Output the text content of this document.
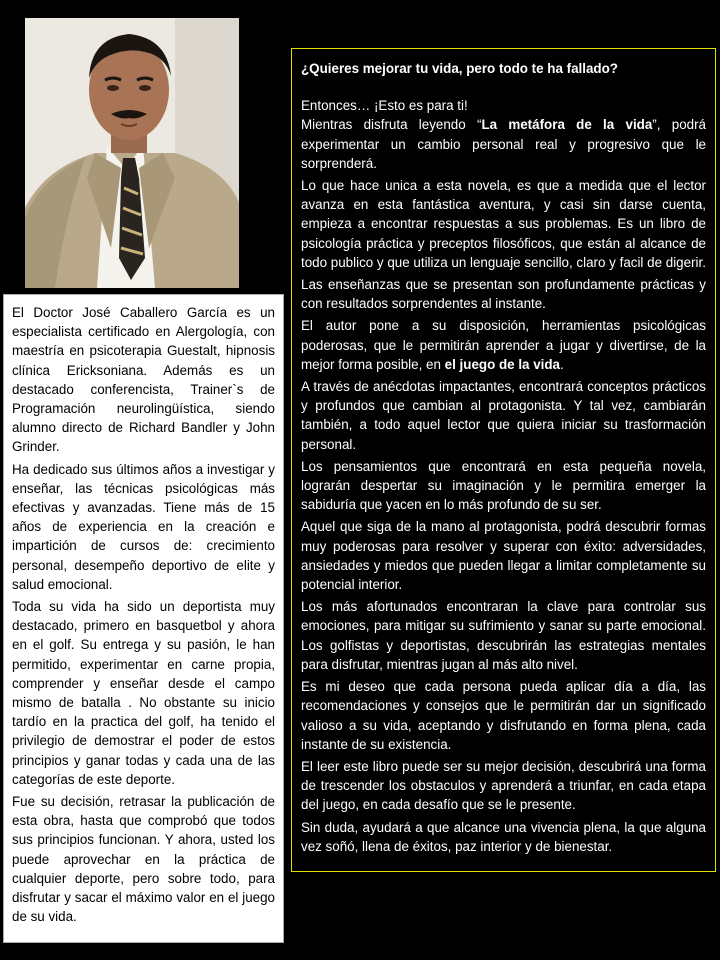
El Doctor José Caballero García es un especialista certificado en Alergología, con maestría en psicoterapia Guestalt, hipnosis clínica Ericksoniana. Además es un destacado conferencista, Trainer`s de Programación neurolingüística, siendo alumno directo de Richard Bandler y John Grinder.

Ha dedicado sus últimos años a investigar y enseñar, las técnicas psicológicas más efectivas y avanzadas. Tiene más de 15 años de experiencia en la creación e impartición de cursos de: crecimiento personal, desempeño deportivo de elite y salud emocional.

Toda su vida ha sido un deportista muy destacado, primero en basquetbol y ahora en el golf. Su entrega y su pasión, le han permitido, experimentar en carne propia, comprender y enseñar desde el campo mismo de batalla . No obstante su inicio tardío en la practica del golf, ha tenido el privilegio de demostrar el poder de estos principios y ganar todas y cada una de las categorías de este deporte.

Fue su decisión, retrasar la publicación de esta obra, hasta que comprobó que todos sus principios funcionan. Y ahora, usted los puede aprovechar en la práctica de cualquier deporte, pero sobre todo, para disfrutar y sacar el máximo valor en el juego de su vida.

¿Quieres mejorar tu vida, pero todo te ha fallado?

Entonces… ¡Esto es para ti!

Mientras disfruta leyendo “La metáfora de la vida”, podrá experimentar un cambio personal real y progresivo que le sorprenderá.

Lo que hace unica a esta novela, es que a medida que el lector avanza en esta fantástica aventura, y casi sin darse cuenta, empieza a encontrar respuestas a sus problemas. Es un libro de psicología práctica y preceptos filosóficos, que están al alcance de todo publico y que utiliza un lenguaje sencillo, claro y facil de digerir.

Las enseñanzas que se presentan son profundamente prácticas y con resultados sorprendentes al instante.

El autor pone a su disposición, herramientas psicológicas poderosas, que le permitirán aprender a jugar y divertirse, de la mejor forma posible, en el juego de la vida.

A través de anécdotas impactantes, encontrará conceptos prácticos y profundos que cambian al protagonista. Y tal vez, cambiarán también, a todo aquel lector que quiera iniciar su trasformación personal.

Los pensamientos que encontrará en esta pequeña novela, lograrán despertar su imaginación y le permitira emerger la sabiduría que yacen en lo más profundo de su ser.

Aquel que siga de la mano al protagonista, podrá descubrir formas muy poderosas para resolver y superar con éxito: adversidades, ansiedades y miedos que pueden llegar a limitar completamente su potencial interior.

Los más afortunados encontraran la clave para controlar sus emociones, para mitigar su sufrimiento y sanar su parte emocional. Los golfistas y deportistas, descubrirán las estrategias mentales para disfrutar, mientras jugan al más alto nivel.

Es mi deseo que cada persona pueda aplicar día a día, las recomendaciones y consejos que le permitirán dar un significado valioso a su vida, aceptando y disfrutando en forma plena, cada instante de su existencia.

El leer este libro puede ser su mejor decisión, descubrirá una forma de trescender los obstaculos y aprenderá a triunfar, en cada etapa del juego, en cada desafío que se le presente.

Sin duda, ayudará a que alcance una vivencia plena, la que alguna vez soñó, llena de éxitos, paz interior y de bienestar.
